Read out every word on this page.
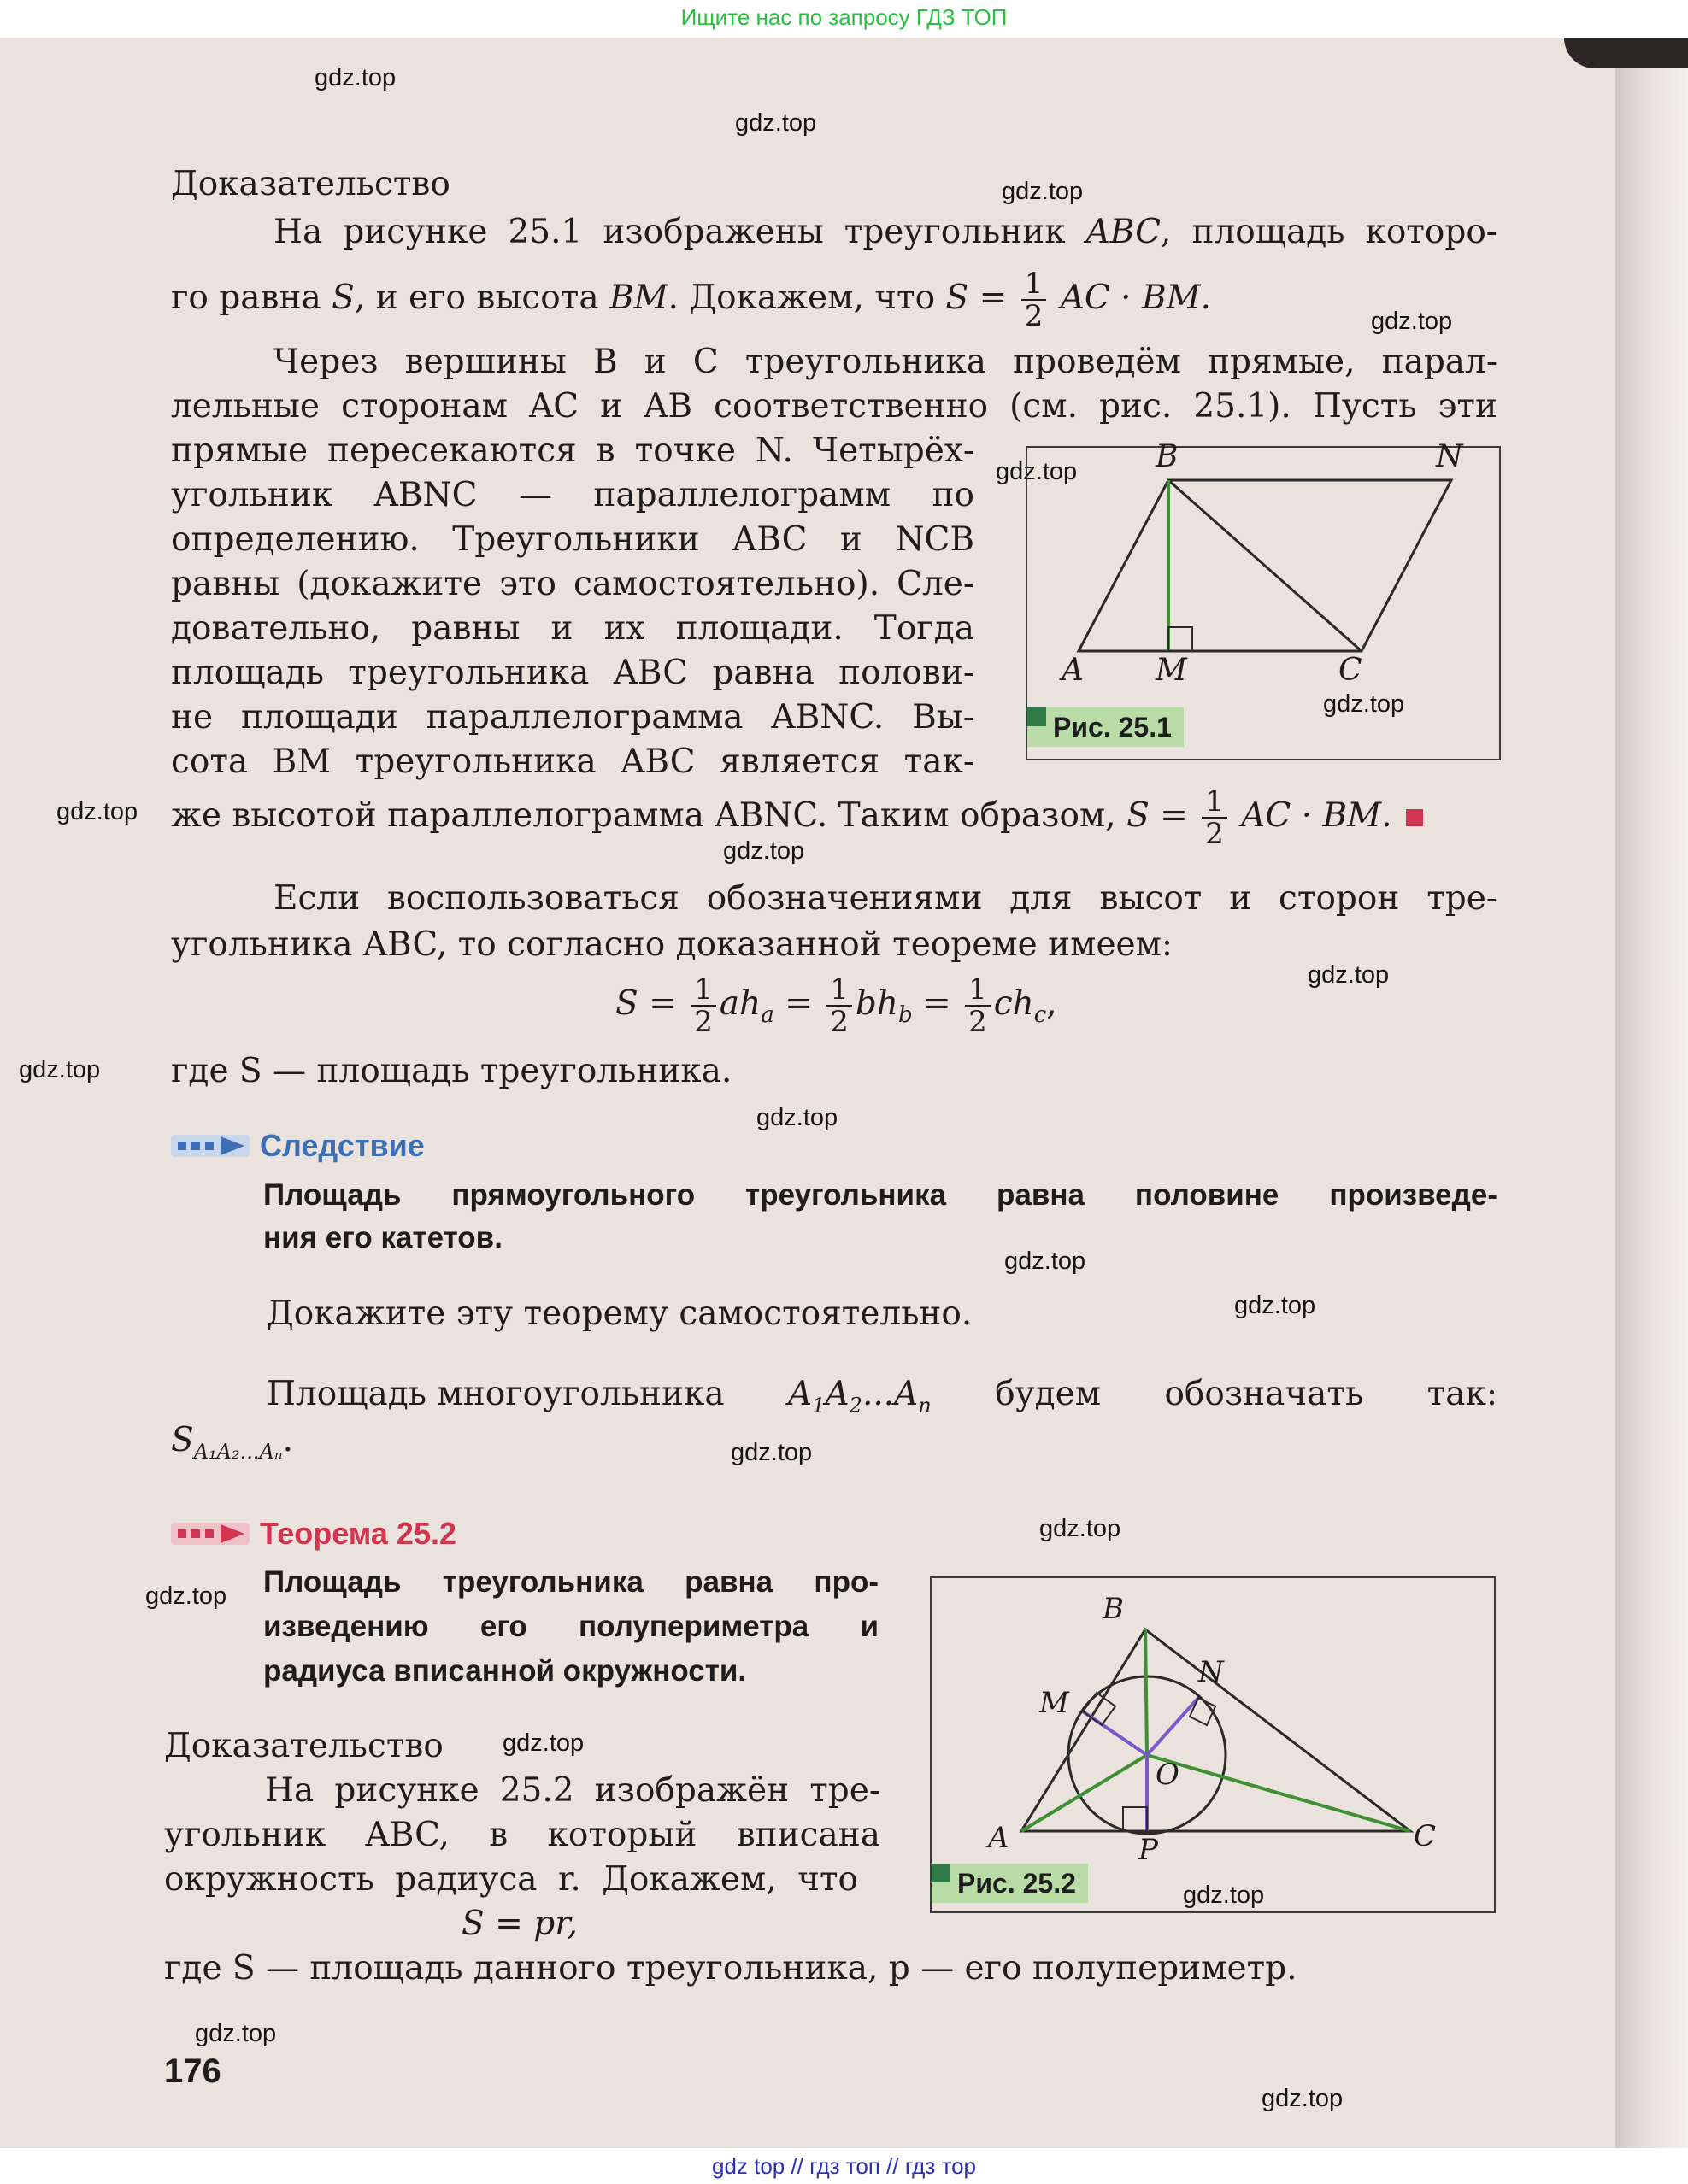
Ищите нас по запросу ГДЗ ТОП
gdz.top
gdz.top
gdz.top
gdz.top
gdz.top
gdz.top
gdz.top
gdz.top
gdz.top
gdz.top
gdz.top
gdz.top
gdz.top
gdz.top
gdz.top
gdz.top
gdz.top
gdz.top
gdz.top
gdz.top
Доказательство
На рисунке 25.1 изображены треугольник ABC, площадь которо-
го равна S, и его высота BM. Докажем, что $S = \frac{1}{2}$ AC · BM.
Через вершины B и C треугольника проведём прямые, парал-
лельные сторонам AC и AB соответственно (см. рис. 25.1). Пусть эти
прямые пересекаются в точке N. Четырёх-
угольник ABNC — параллелограмм по
определению. Треугольники ABC и NCB
равны (докажите это самостоятельно). Сле-
довательно, равны и их площади. Тогда
площадь треугольника ABC равна полови-
не площади параллелограмма ABNC. Вы-
сота BM треугольника ABC является так-
же высотой параллелограмма ABNC. Таким образом, $S = \frac{1}{2}$ AC · BM.
B	N
A M	C
Рис. 25.1
Если воспользоваться обозначениями для высот и сторон тре-
угольника ABC, то согласно доказанной теореме имеем:
$S = \frac{1}{2} ah_a = \frac{1}{2} bh_b = \frac{1}{2} ch_c$,
где S — площадь треугольника.
Следствие
Площадь прямоугольного треугольника равна половине произведе-
ния его катетов.
Докажите эту теорему самостоятельно.
Площадь многоугольника $A_1A_2...A_n$ будем обозначать так:
$S_{A_1A_2...A_n}$.
Теорема 25.2
Площадь треугольника равна про-
изведению его полупериметра и
радиуса вписанной окружности.
Доказательство
На рисунке 25.2 изображён тре-
угольник ABC, в который вписана
окружность радиуса r. Докажем, что
S = pr,
где S — площадь данного треугольника, p — его полупериметр.
B
N
M
O
A	P	C
Рис. 25.2
176
gdz top // гдз топ // гдз тор
